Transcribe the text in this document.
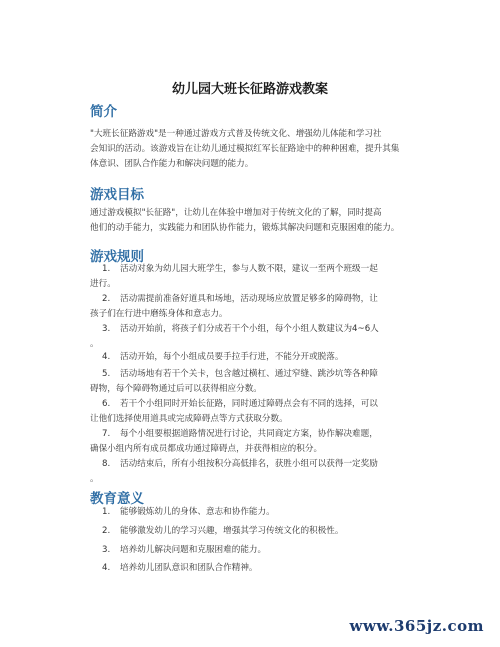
幼儿园大班长征路游戏教案
简介
"大班长征路游戏"是一种通过游戏方式普及传统文化、增强幼儿体能和学习社
会知识的活动。该游戏旨在让幼儿通过模拟红军长征路途中的种种困难，提升其集
体意识、团队合作能力和解决问题的能力。
游戏目标
通过游戏模拟"长征路"，让幼儿在体验中增加对于传统文化的了解，同时提高
他们的动手能力，实践能力和团队协作能力，锻炼其解决问题和克服困难的能力。
游戏规则
1. 活动对象为幼儿园大班学生，参与人数不限，建议一至两个班级一起
进行。
2. 活动需提前准备好道具和场地，活动现场应放置足够多的障碍物，让
孩子们在行进中磨练身体和意志力。
3. 活动开始前，将孩子们分成若干个小组，每个小组人数建议为4~6人
。
4. 活动开始，每个小组成员要手拉手行进，不能分开或脱落。
5. 活动场地有若干个关卡，包含越过横杠、通过窄缝、跳沙坑等各种障
碍物，每个障碍物通过后可以获得相应分数。
6. 若干个小组同时开始长征路，同时通过障碍点会有不同的选择，可以
让他们选择使用道具或完成障碍点等方式获取分数。
7. 每个小组要根据道路情况进行讨论，共同商定方案，协作解决难题，
确保小组内所有成员都成功通过障碍点，并获得相应的积分。
8. 活动结束后，所有小组按积分高低排名，获胜小组可以获得一定奖励
。
教育意义
1. 能够锻炼幼儿的身体、意志和协作能力。
2. 能够激发幼儿的学习兴趣，增强其学习传统文化的积极性。
3. 培养幼儿解决问题和克服困难的能力。
4. 培养幼儿团队意识和团队合作精神。
www.365jz.com
